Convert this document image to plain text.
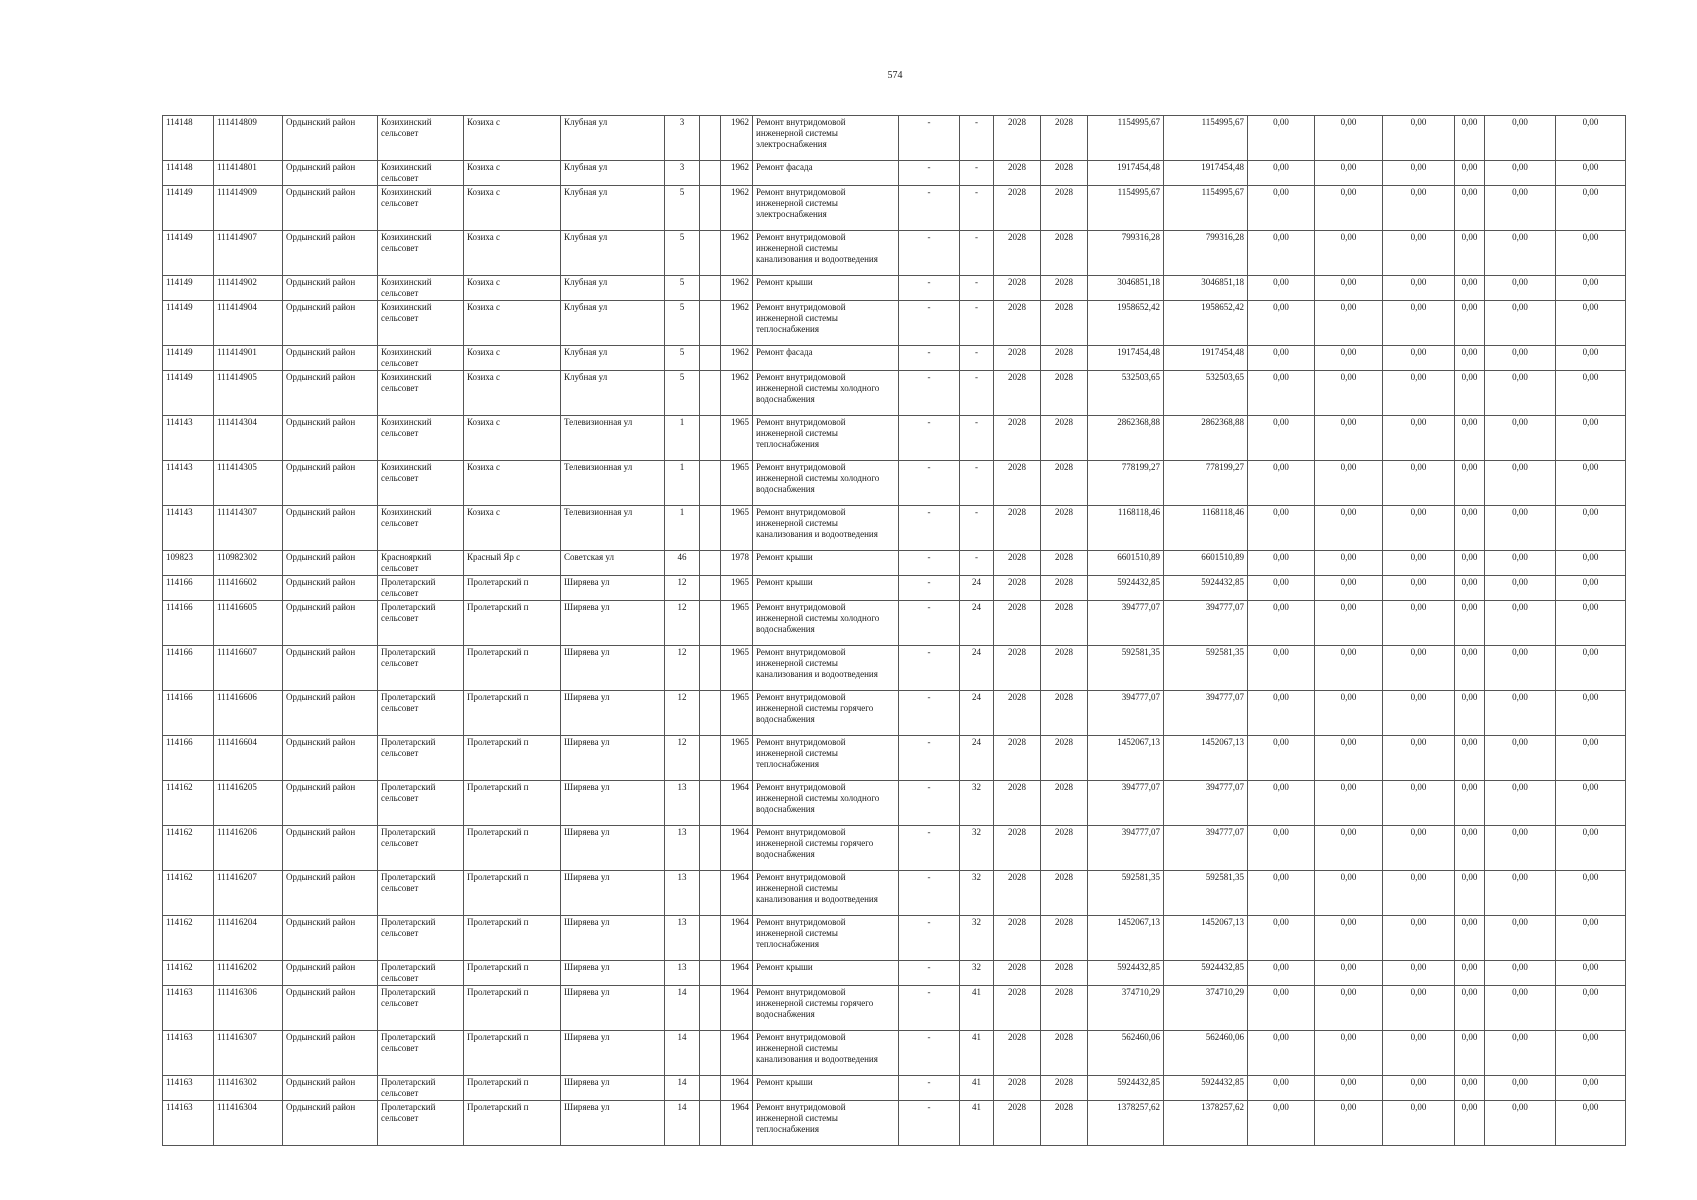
574
114148	111414809	Ордынский район	Козихинский сельсовет	Козиха с	Клубная ул	3		1962	Ремонт внутридомовой инженерной системы электроснабжения	-	-	2028	2028	1154995,67	1154995,67	0,00	0,00	0,00	0,00	0,00	0,00
114148	111414801	Ордынский район	Козихинский сельсовет	Козиха с	Клубная ул	3		1962	Ремонт фасада	-	-	2028	2028	1917454,48	1917454,48	0,00	0,00	0,00	0,00	0,00	0,00
114149	111414909	Ордынский район	Козихинский сельсовет	Козиха с	Клубная ул	5		1962	Ремонт внутридомовой инженерной системы электроснабжения	-	-	2028	2028	1154995,67	1154995,67	0,00	0,00	0,00	0,00	0,00	0,00
114149	111414907	Ордынский район	Козихинский сельсовет	Козиха с	Клубная ул	5		1962	Ремонт внутридомовой инженерной системы канализования и водоотведения	-	-	2028	2028	799316,28	799316,28	0,00	0,00	0,00	0,00	0,00	0,00
114149	111414902	Ордынский район	Козихинский сельсовет	Козиха с	Клубная ул	5		1962	Ремонт крыши	-	-	2028	2028	3046851,18	3046851,18	0,00	0,00	0,00	0,00	0,00	0,00
114149	111414904	Ордынский район	Козихинский сельсовет	Козиха с	Клубная ул	5		1962	Ремонт внутридомовой инженерной системы теплоснабжения	-	-	2028	2028	1958652,42	1958652,42	0,00	0,00	0,00	0,00	0,00	0,00
114149	111414901	Ордынский район	Козихинский сельсовет	Козиха с	Клубная ул	5		1962	Ремонт фасада	-	-	2028	2028	1917454,48	1917454,48	0,00	0,00	0,00	0,00	0,00	0,00
114149	111414905	Ордынский район	Козихинский сельсовет	Козиха с	Клубная ул	5		1962	Ремонт внутридомовой инженерной системы холодного водоснабжения	-	-	2028	2028	532503,65	532503,65	0,00	0,00	0,00	0,00	0,00	0,00
114143	111414304	Ордынский район	Козихинский сельсовет	Козиха с	Телевизионная ул	1		1965	Ремонт внутридомовой инженерной системы теплоснабжения	-	-	2028	2028	2862368,88	2862368,88	0,00	0,00	0,00	0,00	0,00	0,00
114143	111414305	Ордынский район	Козихинский сельсовет	Козиха с	Телевизионная ул	1		1965	Ремонт внутридомовой инженерной системы холодного водоснабжения	-	-	2028	2028	778199,27	778199,27	0,00	0,00	0,00	0,00	0,00	0,00
114143	111414307	Ордынский район	Козихинский сельсовет	Козиха с	Телевизионная ул	1		1965	Ремонт внутридомовой инженерной системы канализования и водоотведения	-	-	2028	2028	1168118,46	1168118,46	0,00	0,00	0,00	0,00	0,00	0,00
109823	110982302	Ордынский район	Краснояркий сельсовет	Красный Яр с	Советская ул	46		1978	Ремонт крыши	-	-	2028	2028	6601510,89	6601510,89	0,00	0,00	0,00	0,00	0,00	0,00
114166	111416602	Ордынский район	Пролетарский сельсовет	Пролетарский п	Ширяева ул	12		1965	Ремонт крыши	-	24	2028	2028	5924432,85	5924432,85	0,00	0,00	0,00	0,00	0,00	0,00
114166	111416605	Ордынский район	Пролетарский сельсовет	Пролетарский п	Ширяева ул	12		1965	Ремонт внутридомовой инженерной системы холодного водоснабжения	-	24	2028	2028	394777,07	394777,07	0,00	0,00	0,00	0,00	0,00	0,00
114166	111416607	Ордынский район	Пролетарский сельсовет	Пролетарский п	Ширяева ул	12		1965	Ремонт внутридомовой инженерной системы канализования и водоотведения	-	24	2028	2028	592581,35	592581,35	0,00	0,00	0,00	0,00	0,00	0,00
114166	111416606	Ордынский район	Пролетарский сельсовет	Пролетарский п	Ширяева ул	12		1965	Ремонт внутридомовой инженерной системы горячего водоснабжения	-	24	2028	2028	394777,07	394777,07	0,00	0,00	0,00	0,00	0,00	0,00
114166	111416604	Ордынский район	Пролетарский сельсовет	Пролетарский п	Ширяева ул	12		1965	Ремонт внутридомовой инженерной системы теплоснабжения	-	24	2028	2028	1452067,13	1452067,13	0,00	0,00	0,00	0,00	0,00	0,00
114162	111416205	Ордынский район	Пролетарский сельсовет	Пролетарский п	Ширяева ул	13		1964	Ремонт внутридомовой инженерной системы холодного водоснабжения	-	32	2028	2028	394777,07	394777,07	0,00	0,00	0,00	0,00	0,00	0,00
114162	111416206	Ордынский район	Пролетарский сельсовет	Пролетарский п	Ширяева ул	13		1964	Ремонт внутридомовой инженерной системы горячего водоснабжения	-	32	2028	2028	394777,07	394777,07	0,00	0,00	0,00	0,00	0,00	0,00
114162	111416207	Ордынский район	Пролетарский сельсовет	Пролетарский п	Ширяева ул	13		1964	Ремонт внутридомовой инженерной системы канализования и водоотведения	-	32	2028	2028	592581,35	592581,35	0,00	0,00	0,00	0,00	0,00	0,00
114162	111416204	Ордынский район	Пролетарский сельсовет	Пролетарский п	Ширяева ул	13		1964	Ремонт внутридомовой инженерной системы теплоснабжения	-	32	2028	2028	1452067,13	1452067,13	0,00	0,00	0,00	0,00	0,00	0,00
114162	111416202	Ордынский район	Пролетарский сельсовет	Пролетарский п	Ширяева ул	13		1964	Ремонт крыши	-	32	2028	2028	5924432,85	5924432,85	0,00	0,00	0,00	0,00	0,00	0,00
114163	111416306	Ордынский район	Пролетарский сельсовет	Пролетарский п	Ширяева ул	14		1964	Ремонт внутридомовой инженерной системы горячего водоснабжения	-	41	2028	2028	374710,29	374710,29	0,00	0,00	0,00	0,00	0,00	0,00
114163	111416307	Ордынский район	Пролетарский сельсовет	Пролетарский п	Ширяева ул	14		1964	Ремонт внутридомовой инженерной системы канализования и водоотведения	-	41	2028	2028	562460,06	562460,06	0,00	0,00	0,00	0,00	0,00	0,00
114163	111416302	Ордынский район	Пролетарский сельсовет	Пролетарский п	Ширяева ул	14		1964	Ремонт крыши	-	41	2028	2028	5924432,85	5924432,85	0,00	0,00	0,00	0,00	0,00	0,00
114163	111416304	Ордынский район	Пролетарский сельсовет	Пролетарский п	Ширяева ул	14		1964	Ремонт внутридомовой инженерной системы теплоснабжения	-	41	2028	2028	1378257,62	1378257,62	0,00	0,00	0,00	0,00	0,00	0,00
